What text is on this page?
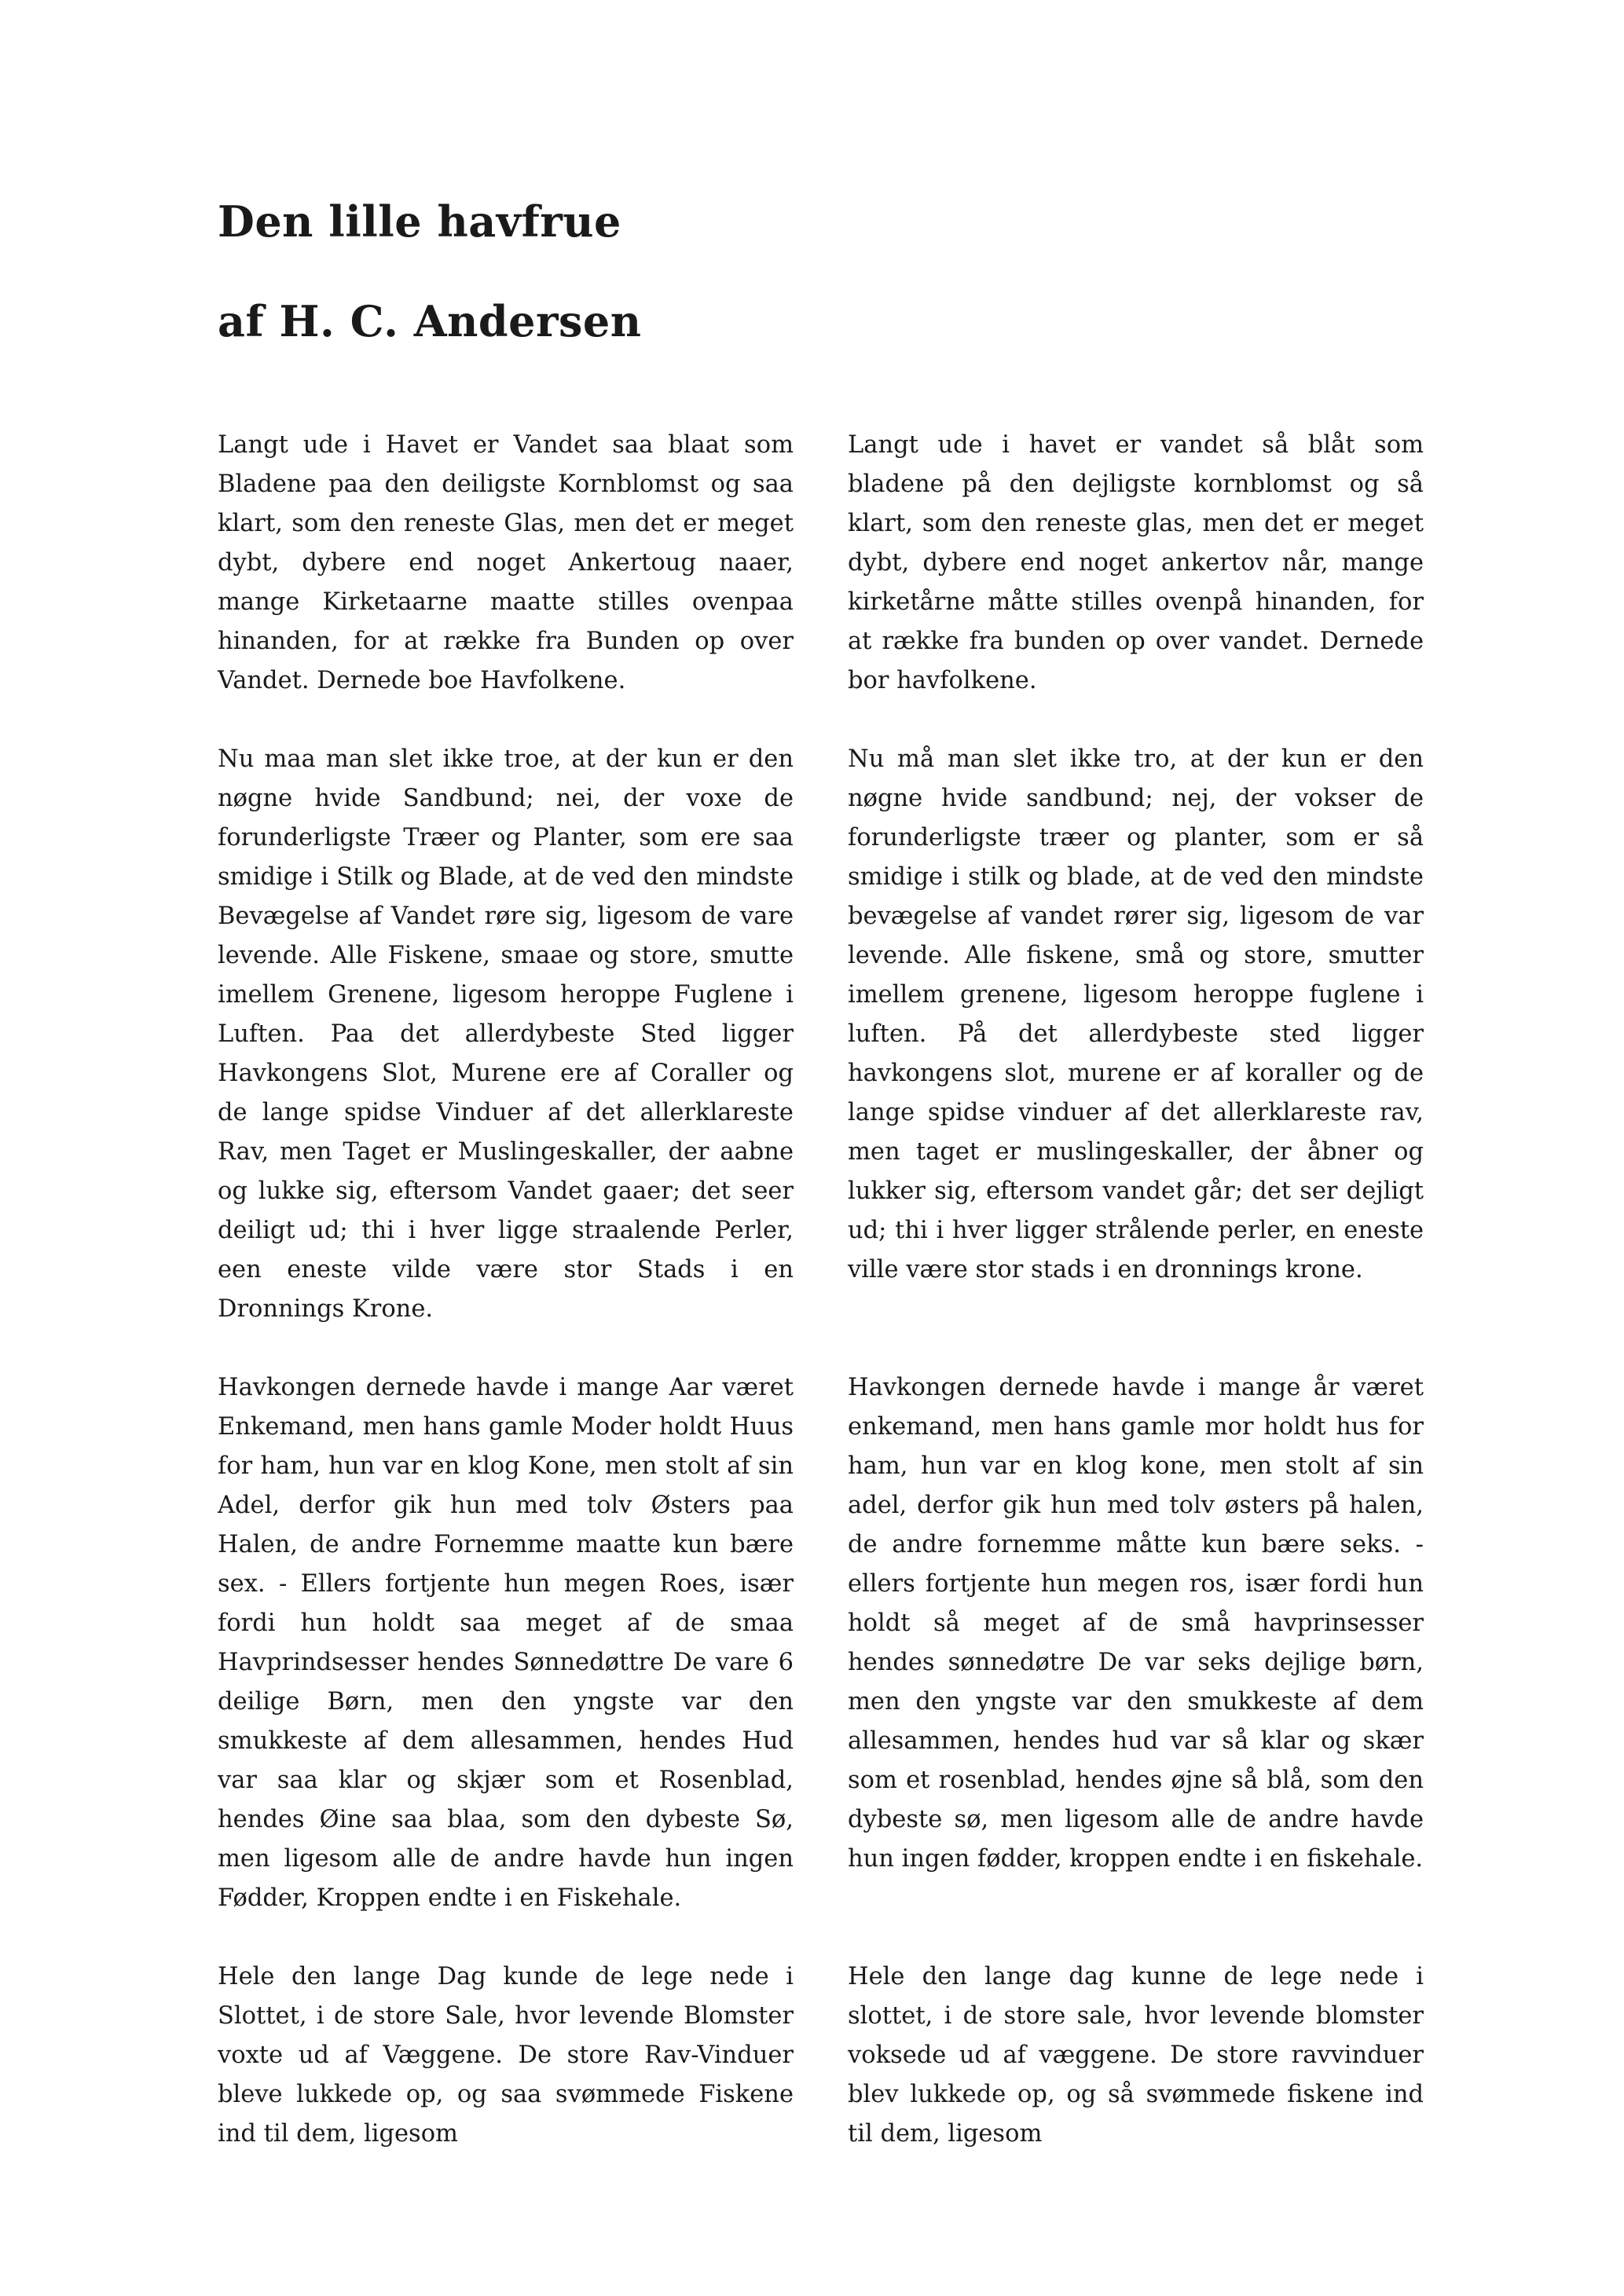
Den lille havfrue
af H. C. Andersen

Langt ude i Havet er Vandet saa blaat som Bladene paa den deiligste Kornblomst og saa klart, som den reneste Glas, men det er meget dybt, dybere end noget Ankertoug naaer, mange Kirketaarne maatte stilles ovenpaa hinanden, for at række fra Bunden op over Vandet. Dernede boe Havfolkene.

Langt ude i havet er vandet så blåt som bladene på den dejligste kornblomst og så klart, som den reneste glas, men det er meget dybt, dybere end noget ankertov når, mange kirketårne måtte stilles ovenpå hinanden, for at række fra bunden op over vandet. Dernede bor havfolkene.

Nu maa man slet ikke troe, at der kun er den nøgne hvide Sandbund; nei, der voxe de forunderligste Træer og Planter, som ere saa smidige i Stilk og Blade, at de ved den mindste Bevægelse af Vandet røre sig, ligesom de vare levende. Alle Fiskene, smaae og store, smutte imellem Grenene, ligesom heroppe Fuglene i Luften. Paa det allerdybeste Sted ligger Havkongens Slot, Murene ere af Coraller og de lange spidse Vinduer af det allerklareste Rav, men Taget er Muslingeskaller, der aabne og lukke sig, eftersom Vandet gaaer; det seer deiligt ud; thi i hver ligge straalende Perler, een eneste vilde være stor Stads i en Dronnings Krone.

Nu må man slet ikke tro, at der kun er den nøgne hvide sandbund; nej, der vokser de forunderligste træer og planter, som er så smidige i stilk og blade, at de ved den mindste bevægelse af vandet rører sig, ligesom de var levende. Alle fiskene, små og store, smutter imellem grenene, ligesom heroppe fuglene i luften. På det allerdybeste sted ligger havkongens slot, murene er af koraller og de lange spidse vinduer af det allerklareste rav, men taget er muslingeskaller, der åbner og lukker sig, eftersom vandet går; det ser dejligt ud; thi i hver ligger strålende perler, en eneste ville være stor stads i en dronnings krone.

Havkongen dernede havde i mange Aar været Enkemand, men hans gamle Moder holdt Huus for ham, hun var en klog Kone, men stolt af sin Adel, derfor gik hun med tolv Østers paa Halen, de andre Fornemme maatte kun bære sex. - Ellers fortjente hun megen Roes, især fordi hun holdt saa meget af de smaa Havprindsesser hendes Sønnedøttre De vare 6 deilige Børn, men den yngste var den smukkeste af dem allesammen, hendes Hud var saa klar og skjær som et Rosenblad, hendes Øine saa blaa, som den dybeste Sø, men ligesom alle de andre havde hun ingen Fødder, Kroppen endte i en Fiskehale.

Havkongen dernede havde i mange år været enkemand, men hans gamle mor holdt hus for ham, hun var en klog kone, men stolt af sin adel, derfor gik hun med tolv østers på halen, de andre fornemme måtte kun bære seks. - ellers fortjente hun megen ros, især fordi hun holdt så meget af de små havprinsesser hendes sønnedøtre De var seks dejlige børn, men den yngste var den smukkeste af dem allesammen, hendes hud var så klar og skær som et rosenblad, hendes øjne så blå, som den dybeste sø, men ligesom alle de andre havde hun ingen fødder, kroppen endte i en fiskehale.

Hele den lange Dag kunde de lege nede i Slottet, i de store Sale, hvor levende Blomster voxte ud af Væggene. De store Rav-Vinduer bleve lukkede op, og saa svømmede Fiskene ind til dem, ligesom

Hele den lange dag kunne de lege nede i slottet, i de store sale, hvor levende blomster voksede ud af væggene. De store ravvinduer blev lukkede op, og så svømmede fiskene ind til dem, ligesom
